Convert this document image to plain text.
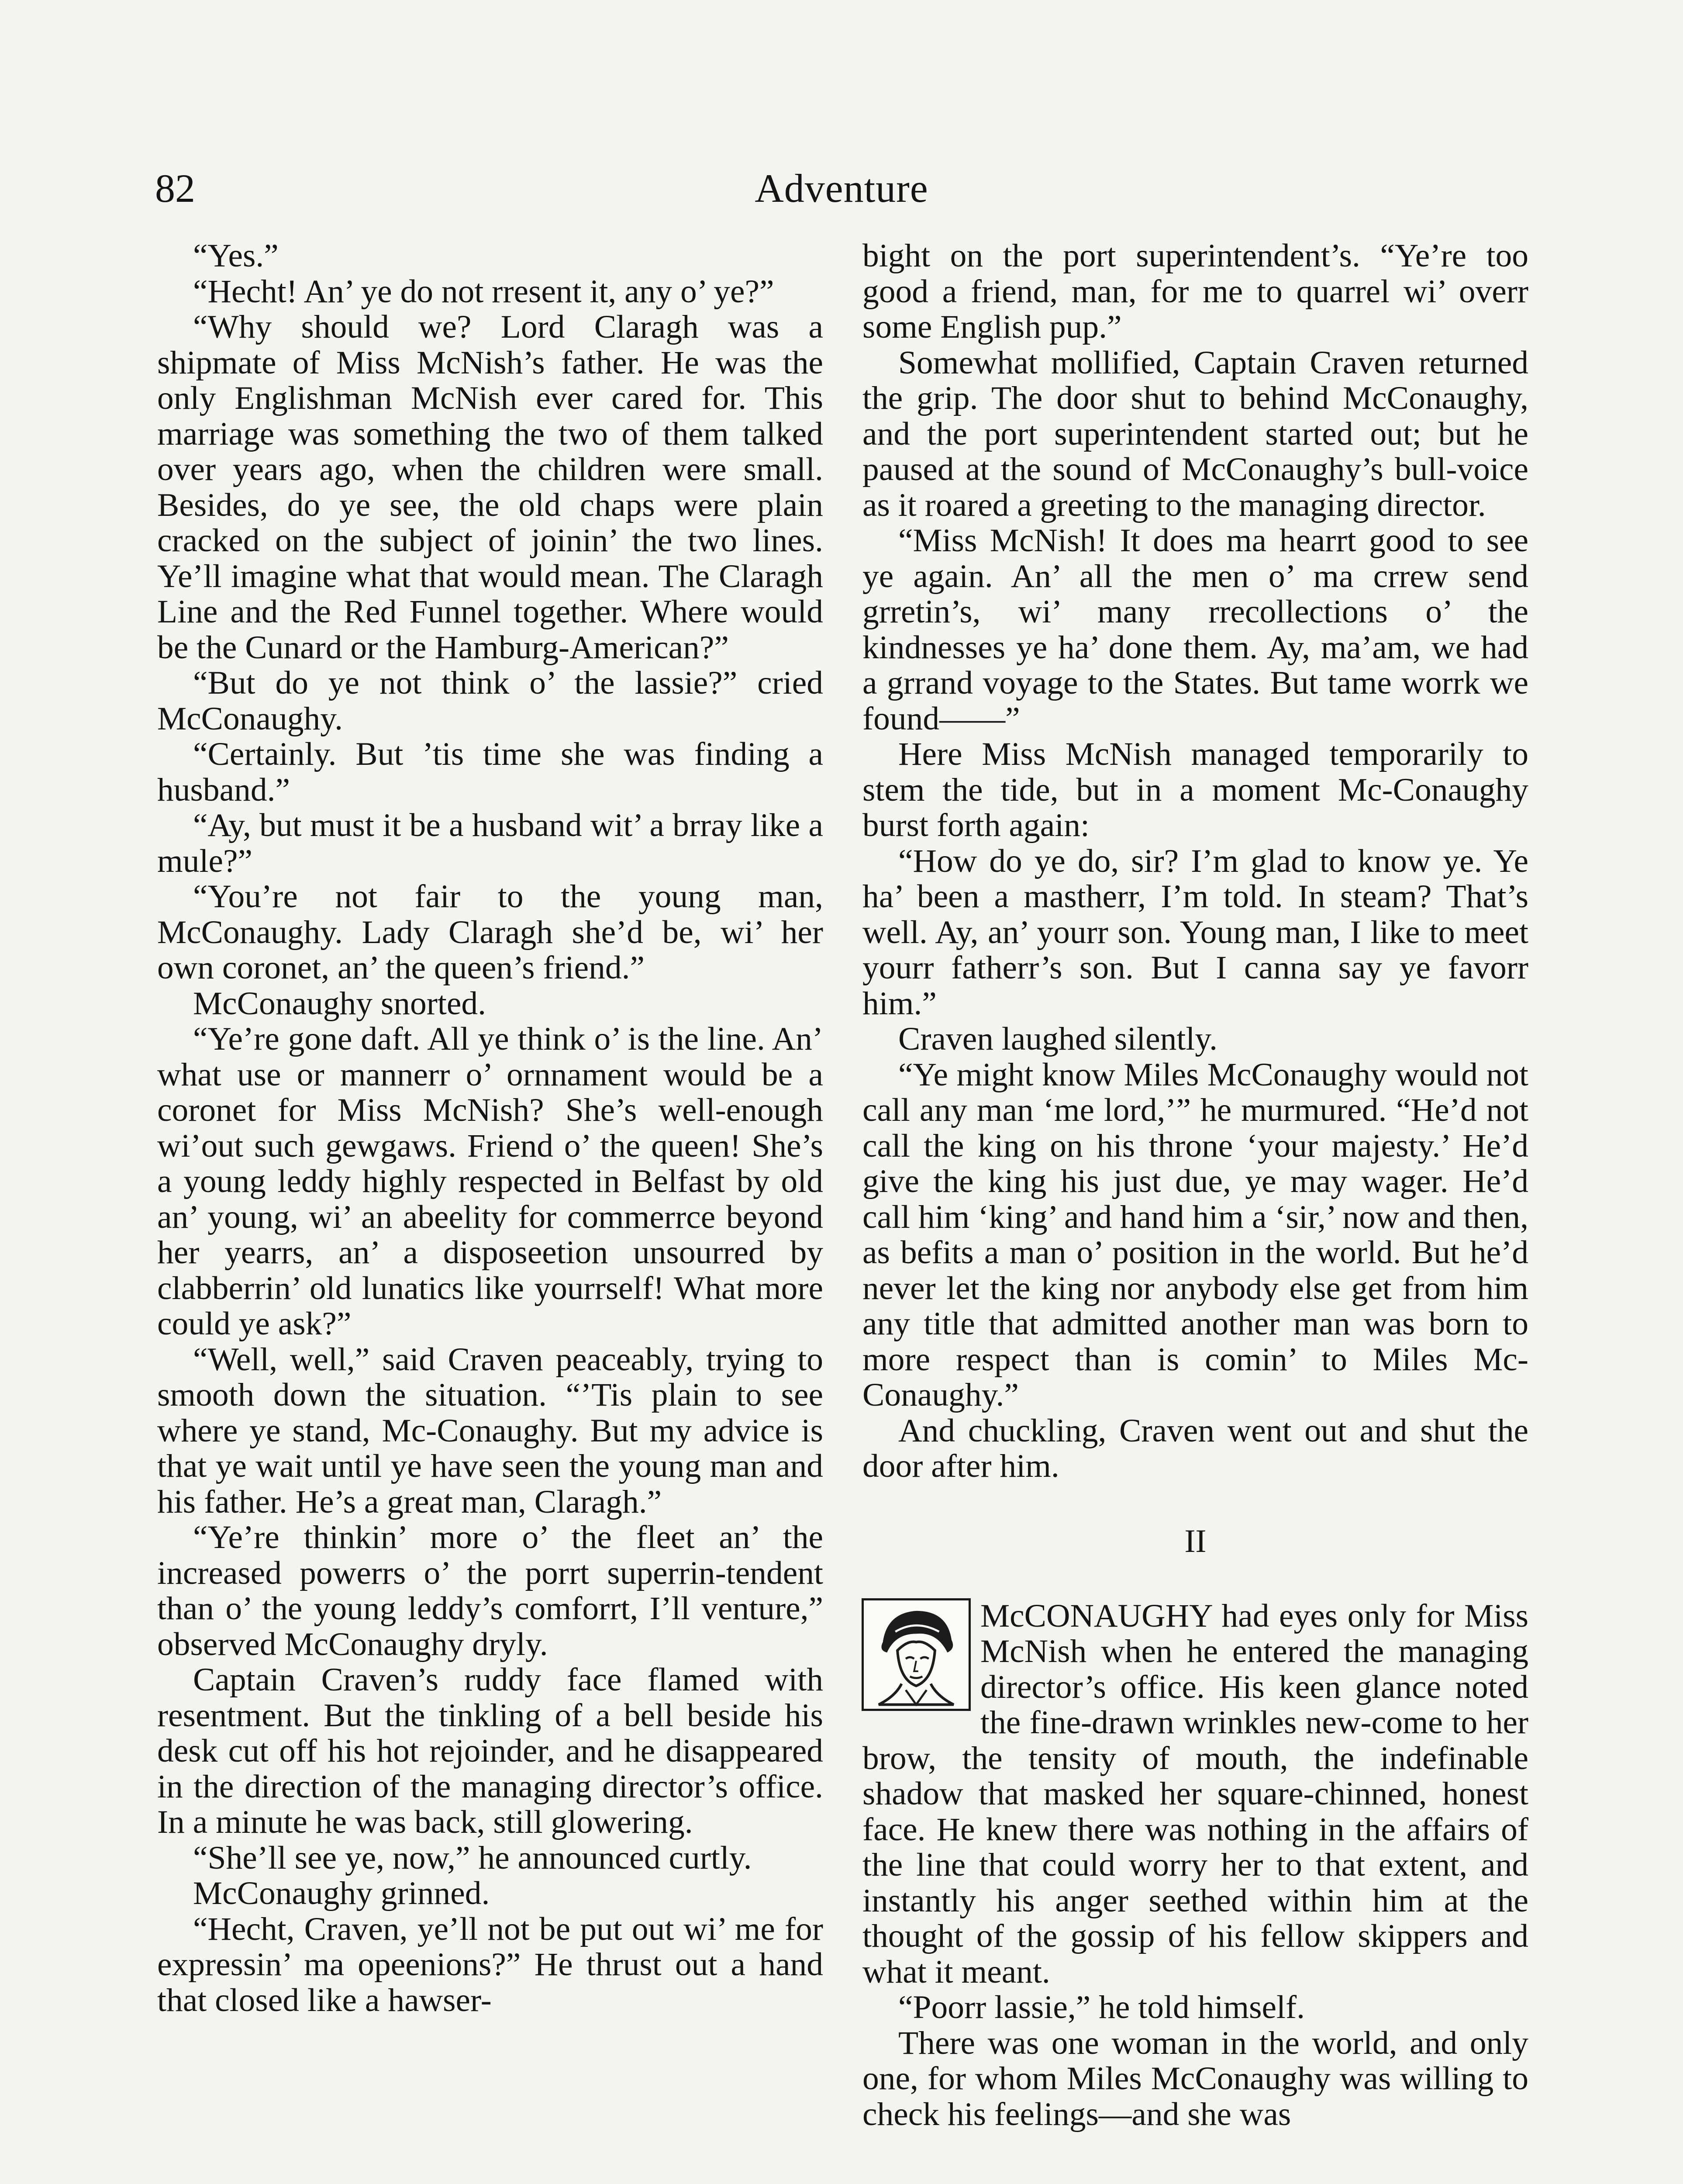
82	Adventure

“Yes.”

“Hecht! An’ ye do not rresent it, any o’ ye?”

“Why should we? Lord Claragh was a shipmate of Miss McNish’s father. He was the only Englishman McNish ever cared for. This marriage was something the two of them talked over years ago, when the children were small. Besides, do ye see, the old chaps were plain cracked on the subject of joinin’ the two lines. Ye’ll imagine what that would mean. The Claragh Line and the Red Funnel together. Where would be the Cunard or the Hamburg-American?”

“But do ye not think o’ the lassie?” cried McConaughy.

“Certainly. But ’tis time she was finding a husband.”

“Ay, but must it be a husband wit’ a brray like a mule?”

“You’re not fair to the young man, McConaughy. Lady Claragh she’d be, wi’ her own coronet, an’ the queen’s friend.”

McConaughy snorted.

“Ye’re gone daft. All ye think o’ is the line. An’ what use or mannerr o’ ornnament would be a coronet for Miss McNish? She’s well-enough wi’out such gewgaws. Friend o’ the queen! She’s a young leddy highly respected in Belfast by old an’ young, wi’ an abeelity for commerrce beyond her yearrs, an’ a disposeetion unsourred by clabberrin’ old lunatics like yourrself! What more could ye ask?”

“Well, well,” said Craven peaceably, trying to smooth down the situation. “’Tis plain to see where ye stand, Mc-Conaughy. But my advice is that ye wait until ye have seen the young man and his father. He’s a great man, Claragh.”

“Ye’re thinkin’ more o’ the fleet an’ the increased powerrs o’ the porrt superrin-tendent than o’ the young leddy’s comforrt, I’ll venture,” observed McConaughy dryly.

Captain Craven’s ruddy face flamed with resentment. But the tinkling of a bell beside his desk cut off his hot rejoinder, and he disappeared in the direction of the managing director’s office. In a minute he was back, still glowering.

“She’ll see ye, now,” he announced curtly.

McConaughy grinned.

“Hecht, Craven, ye’ll not be put out wi’ me for expressin’ ma opeenions?” He thrust out a hand that closed like a hawser-

bight on the port superintendent’s. “Ye’re too good a friend, man, for me to quarrel wi’ overr some English pup.”

Somewhat mollified, Captain Craven returned the grip. The door shut to behind McConaughy, and the port superintendent started out; but he paused at the sound of McConaughy’s bull-voice as it roared a greeting to the managing director.

“Miss McNish! It does ma hearrt good to see ye again. An’ all the men o’ ma crrew send grretin’s, wi’ many rrecollections o’ the kindnesses ye ha’ done them. Ay, ma’am, we had a grrand voyage to the States. But tame worrk we found——”

Here Miss McNish managed temporarily to stem the tide, but in a moment Mc-Conaughy burst forth again:

“How do ye do, sir? I’m glad to know ye. Ye ha’ been a mastherr, I’m told. In steam? That’s well. Ay, an’ yourr son. Young man, I like to meet yourr fatherr’s son. But I canna say ye favorr him.”

Craven laughed silently.

“Ye might know Miles McConaughy would not call any man ‘me lord,’” he murmured. “He’d not call the king on his throne ‘your majesty.’ He’d give the king his just due, ye may wager. He’d call him ‘king’ and hand him a ‘sir,’ now and then, as befits a man o’ position in the world. But he’d never let the king nor anybody else get from him any title that admitted another man was born to more respect than is comin’ to Miles Mc-Conaughy.”

And chuckling, Craven went out and shut the door after him.

II

McCONAUGHY had eyes only for Miss McNish when he entered the managing director’s office. His keen glance noted the fine-drawn wrinkles new-come to her brow, the tensity of mouth, the indefinable shadow that masked her square-chinned, honest face. He knew there was nothing in the affairs of the line that could worry her to that extent, and instantly his anger seethed within him at the thought of the gossip of his fellow skippers and what it meant.

“Poorr lassie,” he told himself.

There was one woman in the world, and only one, for whom Miles McConaughy was willing to check his feelings—and she was
